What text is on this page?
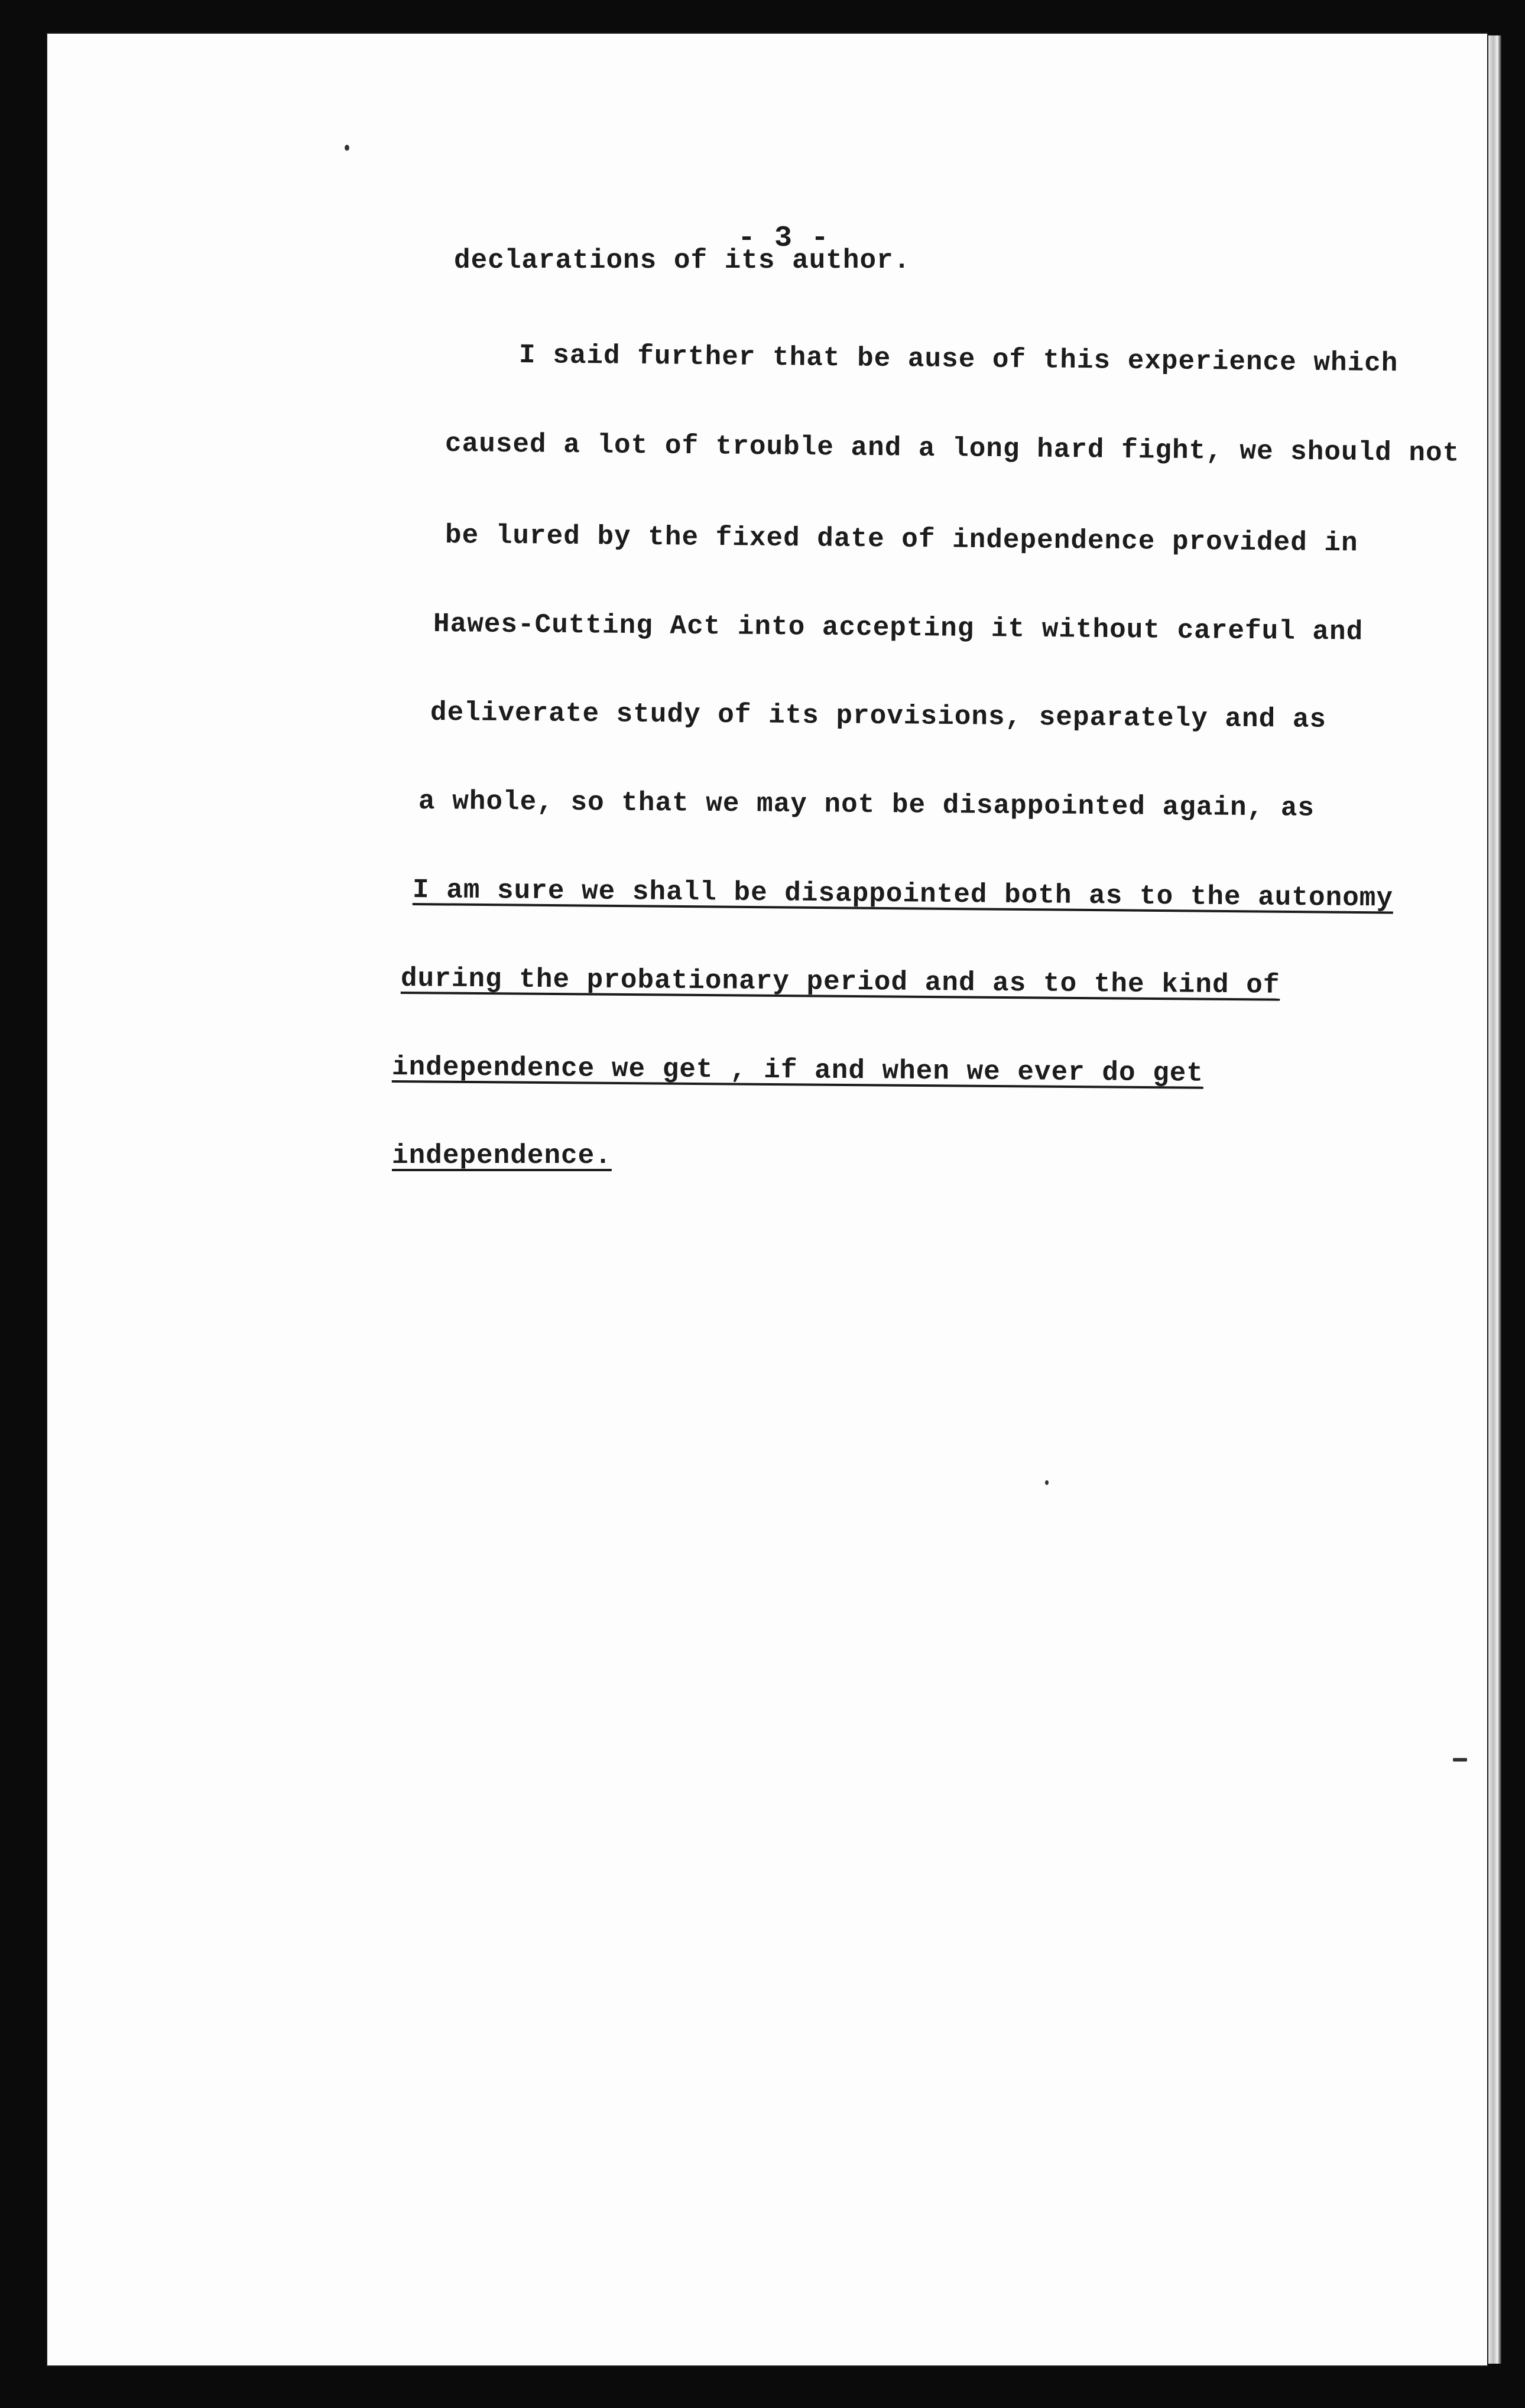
- 3 -
declarations of its author.
I said further that be ause of this experience which
caused a lot of trouble and a long hard fight, we should not
be lured by the fixed date of independence provided in
Hawes-Cutting Act into accepting it without careful and
deliverate study of its provisions, separately and as
a whole, so that we may not be disappointed again, as
I am sure we shall be disappointed both as to the autonomy
during the probationary period and as to the kind of
independence we get , if and when we ever do get
independence.
